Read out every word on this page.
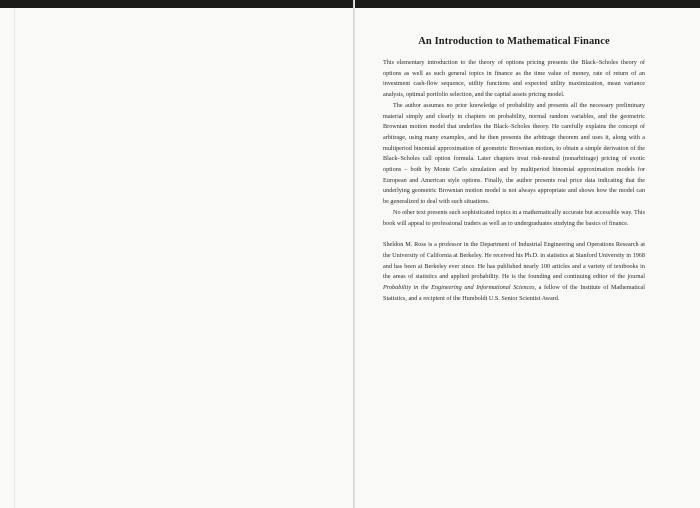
An Introduction to Mathematical Finance

This elementary introduction to the theory of options pricing presents the Black–Scholes theory of options as well as such general topics in finance as the time value of money, rate of return of an investment cash-flow sequence, utility functions and expected utility maximization, mean variance analysis, optimal portfolio selection, and the capital assets pricing model.

The author assumes no prior knowledge of probability and presents all the necessary preliminary material simply and clearly in chapters on probability, normal random variables, and the geometric Brownian motion model that underlies the Black–Scholes theory. He carefully explains the concept of arbitrage, using many examples, and he then presents the arbitrage theorem and uses it, along with a multiperiod binomial approximation of geometric Brownian motion, to obtain a simple derivation of the Black–Scholes call option formula. Later chapters treat risk-neutral (nonarbitrage) pricing of exotic options – both by Monte Carlo simulation and by multiperiod binomial approximation models for European and American style options. Finally, the author presents real price data indicating that the underlying geometric Brownian motion model is not always appropriate and shows how the model can be generalized to deal with such situations.

No other text presents such sophisticated topics in a mathematically accurate but accessible way. This book will appeal to professional traders as well as to undergraduates studying the basics of finance.

Sheldon M. Ross is a professor in the Department of Industrial Engineering and Operations Research at the University of California at Berkeley. He received his Ph.D. in statistics at Stanford University in 1968 and has been at Berkeley ever since. He has published nearly 100 articles and a variety of textbooks in the areas of statistics and applied probability. He is the founding and continuing editor of the journal Probability in the Engineering and Informational Sciences, a fellow of the Institute of Mathematical Statistics, and a recipient of the Humboldt U.S. Senior Scientist Award.
